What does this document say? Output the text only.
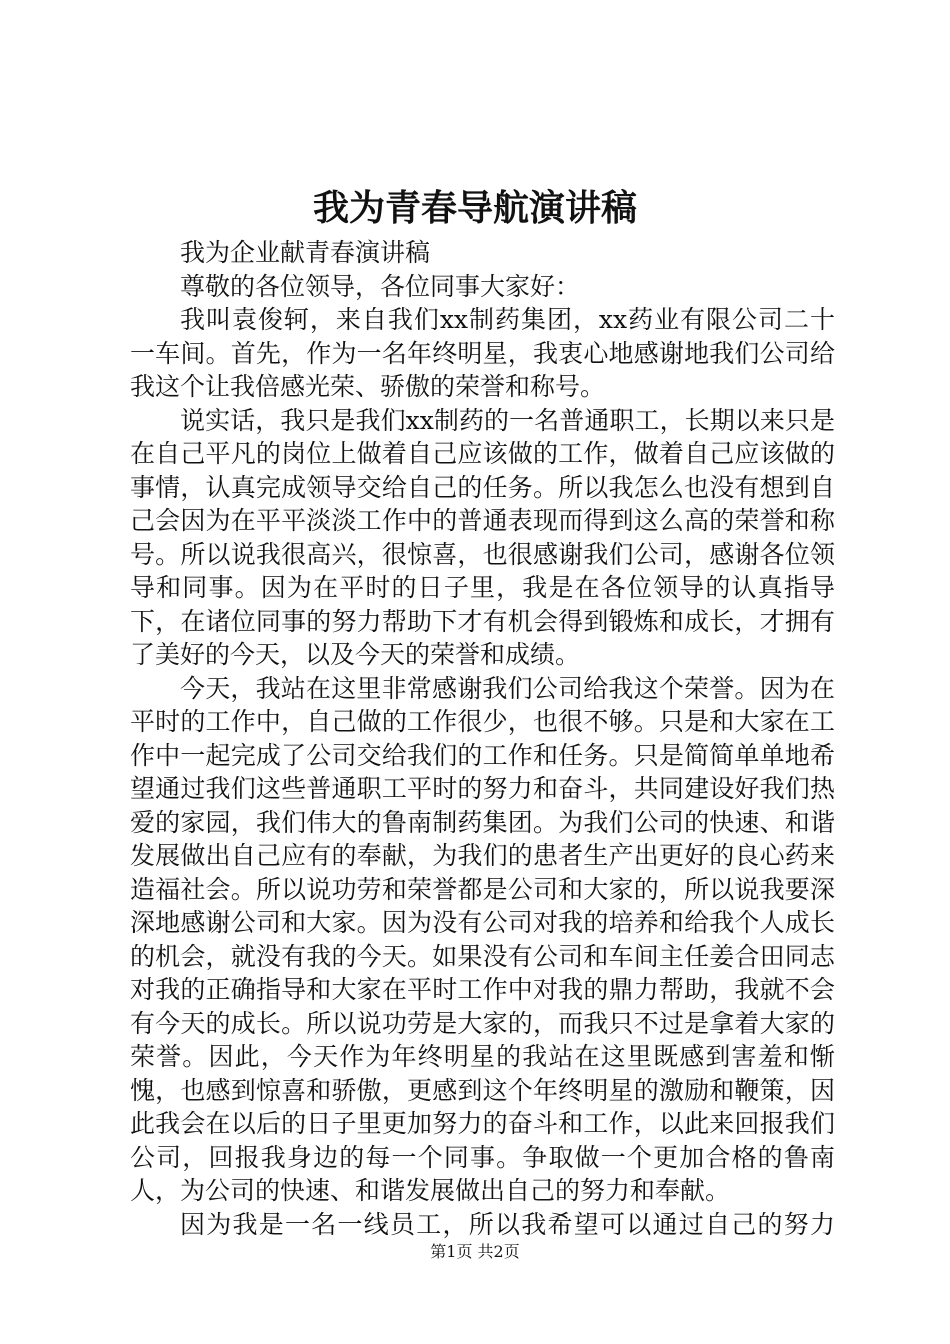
我为青春导航演讲稿

我为企业献青春演讲稿

尊敬的各位领导，各位同事大家好：

我叫袁俊轲，来自我们xx制药集团，xx药业有限公司二十一车间。首先，作为一名年终明星，我衷心地感谢地我们公司给我这个让我倍感光荣、骄傲的荣誉和称号。

说实话，我只是我们xx制药的一名普通职工，长期以来只是在自己平凡的岗位上做着自己应该做的工作，做着自己应该做的事情，认真完成领导交给自己的任务。所以我怎么也没有想到自己会因为在平平淡淡工作中的普通表现而得到这么高的荣誉和称号。所以说我很高兴，很惊喜，也很感谢我们公司，感谢各位领导和同事。因为在平时的日子里，我是在各位领导的认真指导下，在诸位同事的努力帮助下才有机会得到锻炼和成长，才拥有了美好的今天，以及今天的荣誉和成绩。

今天，我站在这里非常感谢我们公司给我这个荣誉。因为在平时的工作中，自己做的工作很少，也很不够。只是和大家在工作中一起完成了公司交给我们的工作和任务。只是简简单单地希望通过我们这些普通职工平时的努力和奋斗，共同建设好我们热爱的家园，我们伟大的鲁南制药集团。为我们公司的快速、和谐发展做出自己应有的奉献，为我们的患者生产出更好的良心药来造福社会。所以说功劳和荣誉都是公司和大家的，所以说我要深深地感谢公司和大家。因为没有公司对我的培养和给我个人成长的机会，就没有我的今天。如果没有公司和车间主任姜合田同志对我的正确指导和大家在平时工作中对我的鼎力帮助，我就不会有今天的成长。所以说功劳是大家的，而我只不过是拿着大家的荣誉。因此，今天作为年终明星的我站在这里既感到害羞和惭愧，也感到惊喜和骄傲，更感到这个年终明星的激励和鞭策，因此我会在以后的日子里更加努力的奋斗和工作，以此来回报我们公司，回报我身边的每一个同事。争取做一个更加合格的鲁南人，为公司的快速、和谐发展做出自己的努力和奉献。

因为我是一名一线员工，所以我希望可以通过自己的努力

第1页 共2页
